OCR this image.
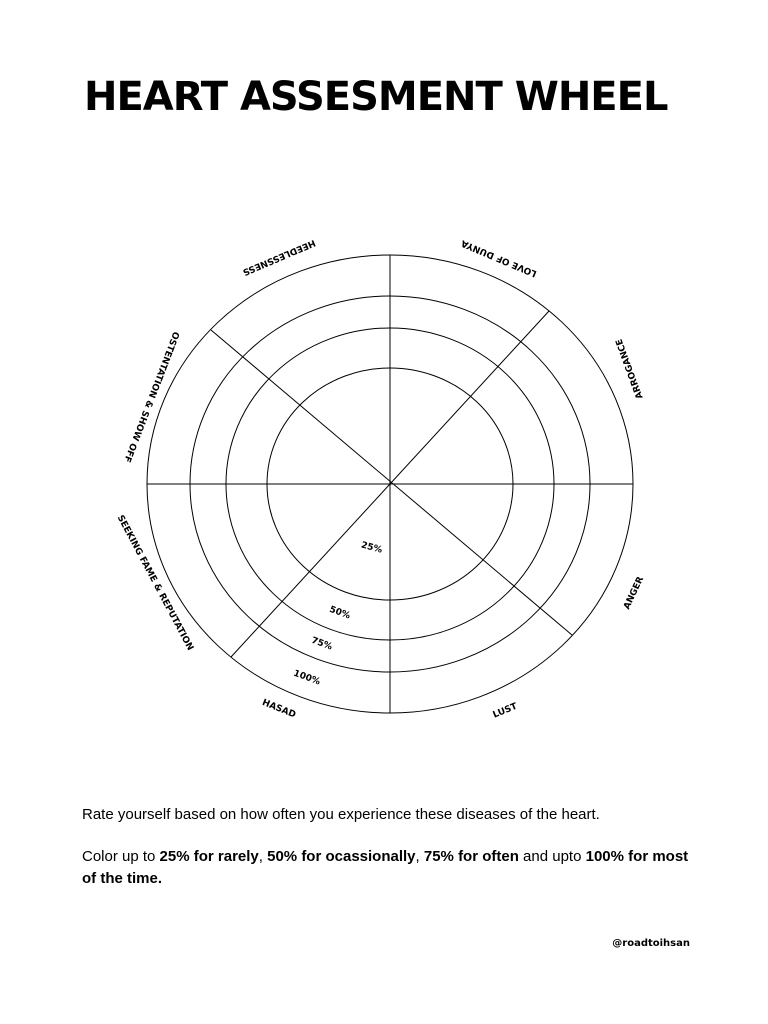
HEART ASSESMENT WHEEL
LOVE OF DUNYA
ARROGANCE
ANGER
LUST
HASAD
SEEKING FAME & REPUTATION
OSTENTATION & SHOW OFF
HEEDLESSNESS
25%
50%
75%
100%

Rate yourself based on how often you experience these diseases of the heart.

Color up to 25% for rarely, 50% for ocassionally, 75% for often and upto 100% for most of the time.

@roadtoihsan
